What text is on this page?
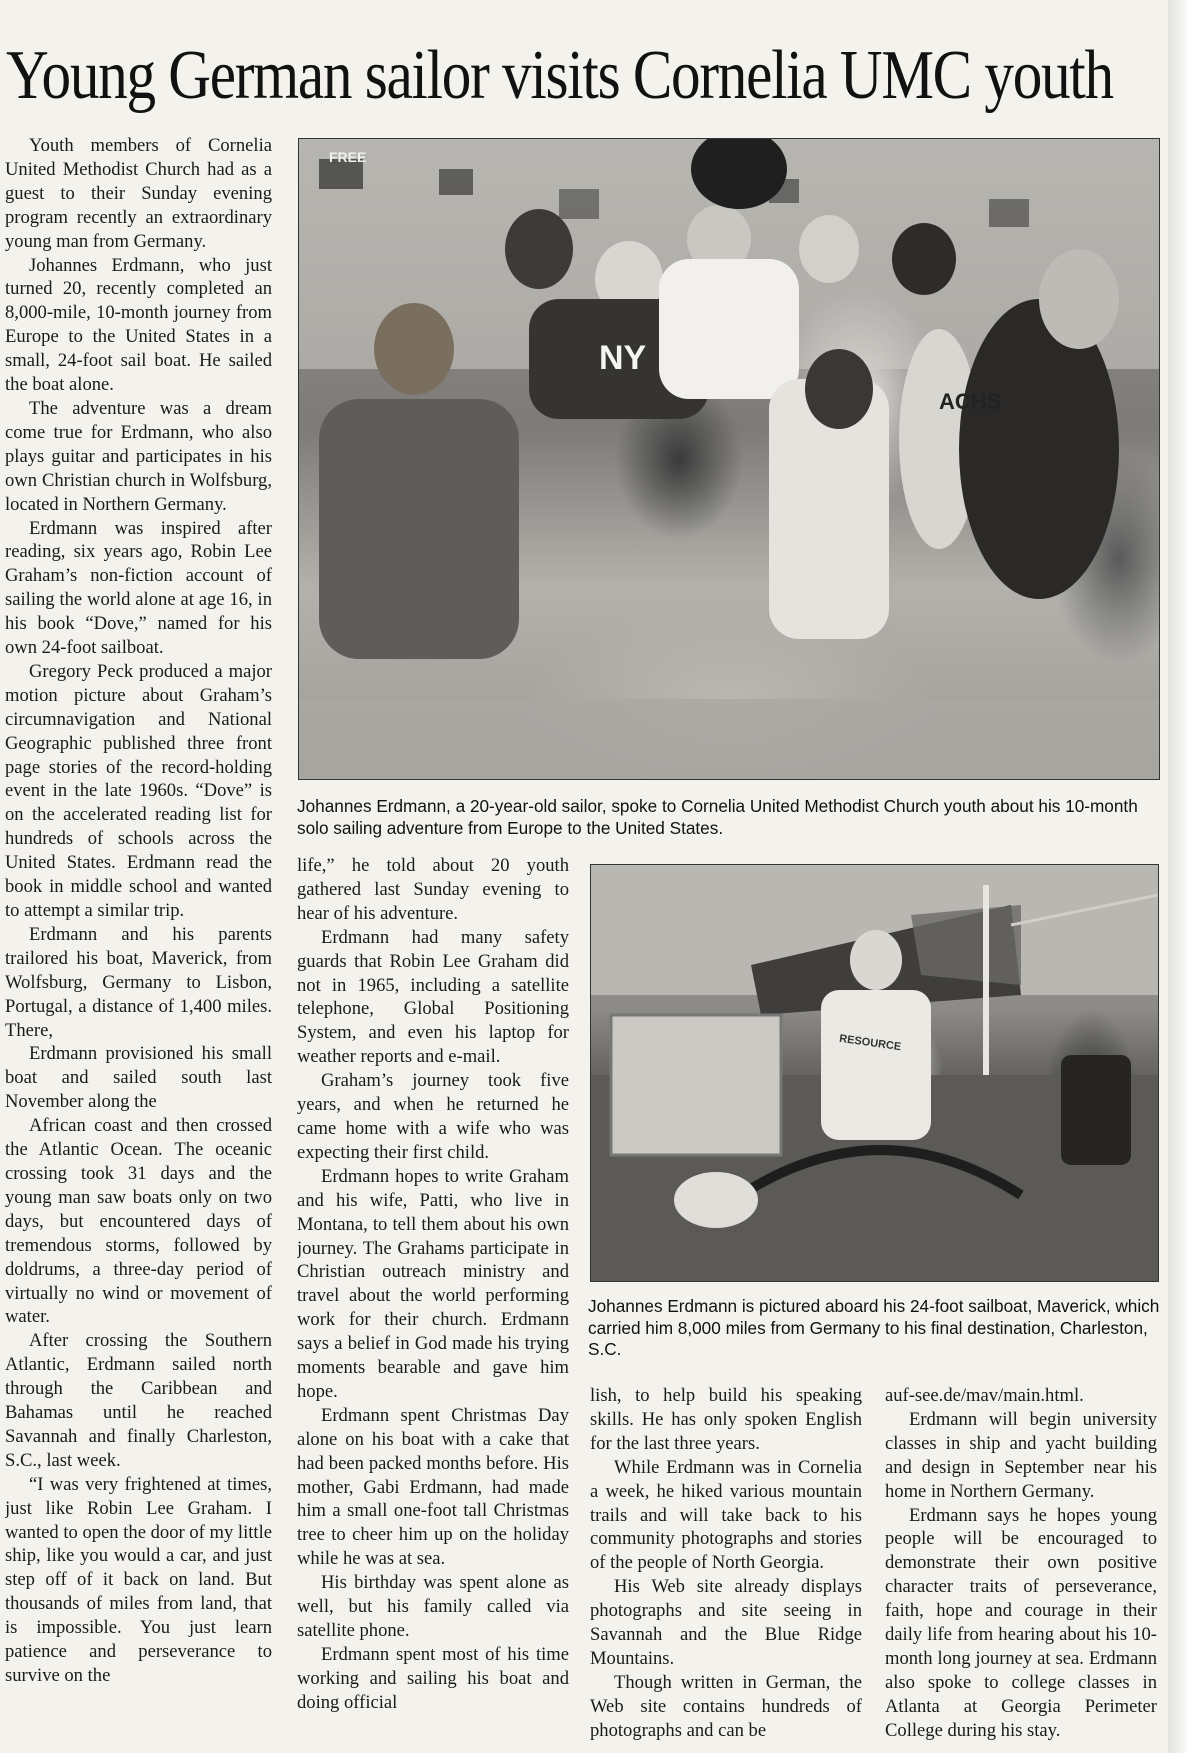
Young German sailor visits Cornelia UMC youth

Youth members of Cornelia United Methodist Church had as a guest to their Sunday evening program recently an extraordinary young man from Germany.

Johannes Erdmann, who just turned 20, recently completed an 8,000-mile, 10-month journey from Europe to the United States in a small, 24-foot sail boat. He sailed the boat alone.

The adventure was a dream come true for Erdmann, who also plays guitar and participates in his own Christian church in Wolfsburg, located in Northern Germany.

Erdmann was inspired after reading, six years ago, Robin Lee Graham’s non-fiction account of sailing the world alone at age 16, in his book “Dove,” named for his own 24-foot sailboat.

Gregory Peck produced a major motion picture about Graham’s circumnavigation and National Geographic published three front page stories of the record-holding event in the late 1960s. “Dove” is on the accelerated reading list for hundreds of schools across the United States. Erdmann read the book in middle school and wanted to attempt a similar trip.

Erdmann and his parents trailored his boat, Maverick, from Wolfsburg, Germany to Lisbon, Portugal, a distance of 1,400 miles. There,

Erdmann provisioned his small boat and sailed south last November along the

African coast and then crossed the Atlantic Ocean. The oceanic crossing took 31 days and the young man saw boats only on two days, but encountered days of tremendous storms, followed by doldrums, a three-day period of virtually no wind or movement of water.

After crossing the Southern Atlantic, Erdmann sailed north through the Caribbean and Bahamas until he reached Savannah and finally Charleston, S.C., last week.

“I was very frightened at times, just like Robin Lee Graham. I wanted to open the door of my little ship, like you would a car, and just step off of it back on land. But thousands of miles from land, that is impossible. You just learn patience and perseverance to survive on the

NY
FREE
ACHS
Johannes Erdmann, a 20-year-old sailor, spoke to Cornelia United Methodist Church youth about his 10-month solo sailing adventure from Europe to the United States.

life,” he told about 20 youth gathered last Sunday evening to hear of his adventure.

Erdmann had many safety guards that Robin Lee Graham did not in 1965, including a satellite telephone, Global Positioning System, and even his laptop for weather reports and e-mail.

Graham’s journey took five years, and when he returned he came home with a wife who was expecting their first child.

Erdmann hopes to write Graham and his wife, Patti, who live in Montana, to tell them about his own journey. The Grahams participate in Christian outreach ministry and travel about the world performing work for their church. Erdmann says a belief in God made his trying moments bearable and gave him hope.

Erdmann spent Christmas Day alone on his boat with a cake that had been packed months before. His mother, Gabi Erdmann, had made him a small one-foot tall Christmas tree to cheer him up on the holiday while he was at sea.

His birthday was spent alone as well, but his family called via satellite phone.

Erdmann spent most of his time working and sailing his boat and doing official

RESOURCE
Johannes Erdmann is pictured aboard his 24-foot sailboat, Maverick, which carried him 8,000 miles from Germany to his final destination, Charleston, S.C.

lish, to help build his speaking skills. He has only spoken English for the last three years.

While Erdmann was in Cornelia a week, he hiked various mountain trails and will take back to his community photographs and stories of the people of North Georgia.

His Web site already displays photographs and site seeing in Savannah and the Blue Ridge Mountains.

Though written in German, the Web site contains hundreds of photographs and can be

auf-see.de/mav/main.html.

Erdmann will begin university classes in ship and yacht building and design in September near his home in Northern Germany.

Erdmann says he hopes young people will be encouraged to demonstrate their own positive character traits of perseverance, faith, hope and courage in their daily life from hearing about his 10-month long journey at sea. Erdmann also spoke to college classes in Atlanta at Georgia Perimeter College during his stay.
